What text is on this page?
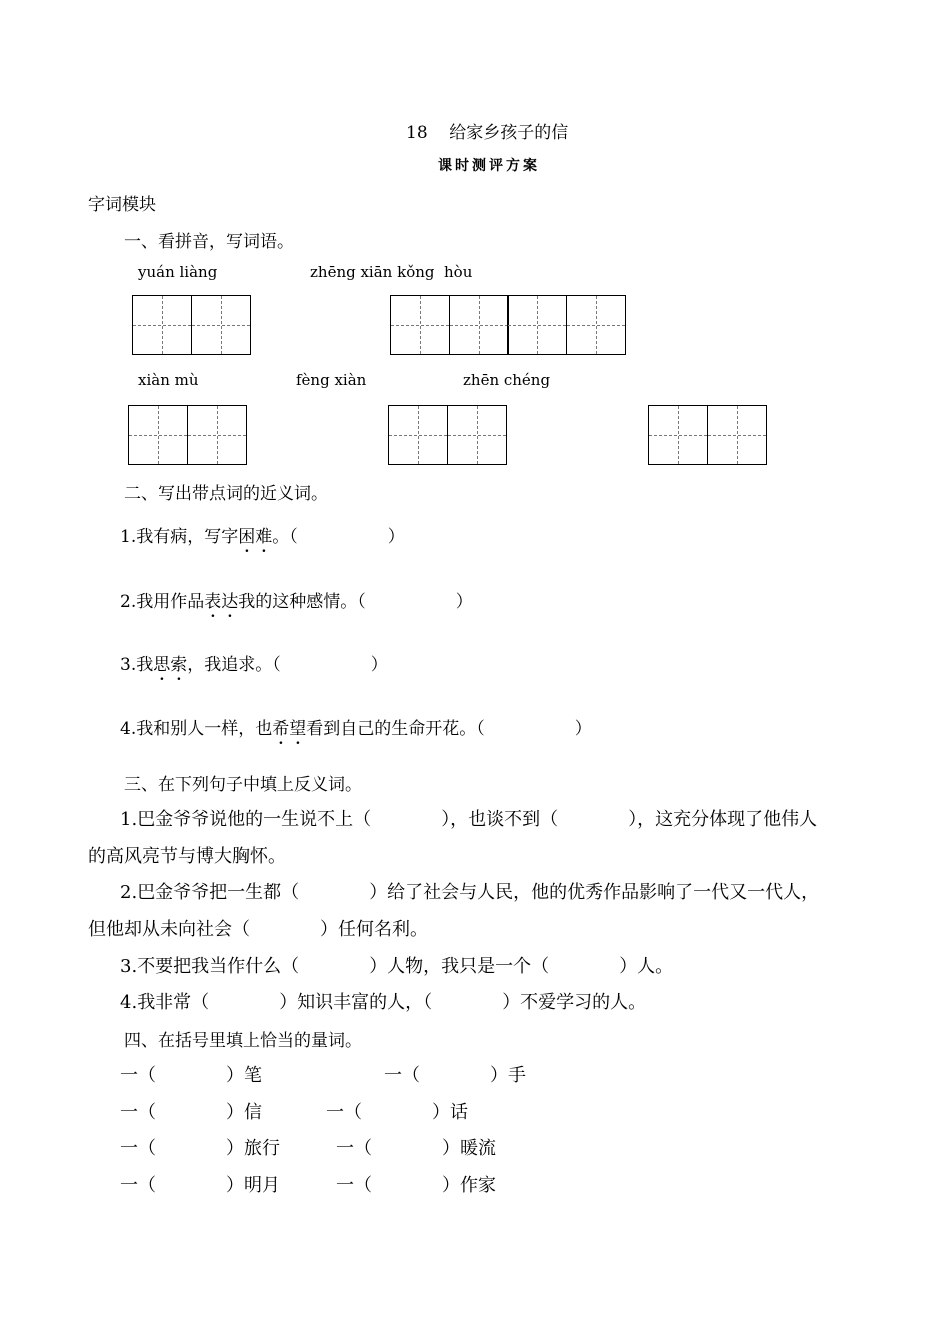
18 给家乡孩子的信
课时测评方案
字词模块
一、看拼音，写词语。
yuán liàng	zhēng xiān kǒng  hòu
xiàn mù	fèng xiàn	zhēn chéng
二、写出带点词的近义词。
1.我有病，写字困难。（	）
2.我用作品表达我的这种感情。（	）
3.我思索，我追求。（	）
4.我和别人一样，也希望看到自己的生命开花。（	）
三、在下列句子中填上反义词。
1.巴金爷爷说他的一生说不上（	），也谈不到（	），这充分体现了他伟人
的高风亮节与博大胸怀。
2.巴金爷爷把一生都（	）给了社会与人民，他的优秀作品影响了一代又一代人，
但他却从未向社会（	）任何名利。
3.不要把我当作什么（	）人物，我只是一个（	）人。
4.我非常（	）知识丰富的人，（	）不爱学习的人。
四、在括号里填上恰当的量词。
一（	）笔	一（	）手
一（	）信	一（	）话
一（	）旅行	一（	）暖流
一（	）明月	一（	）作家
